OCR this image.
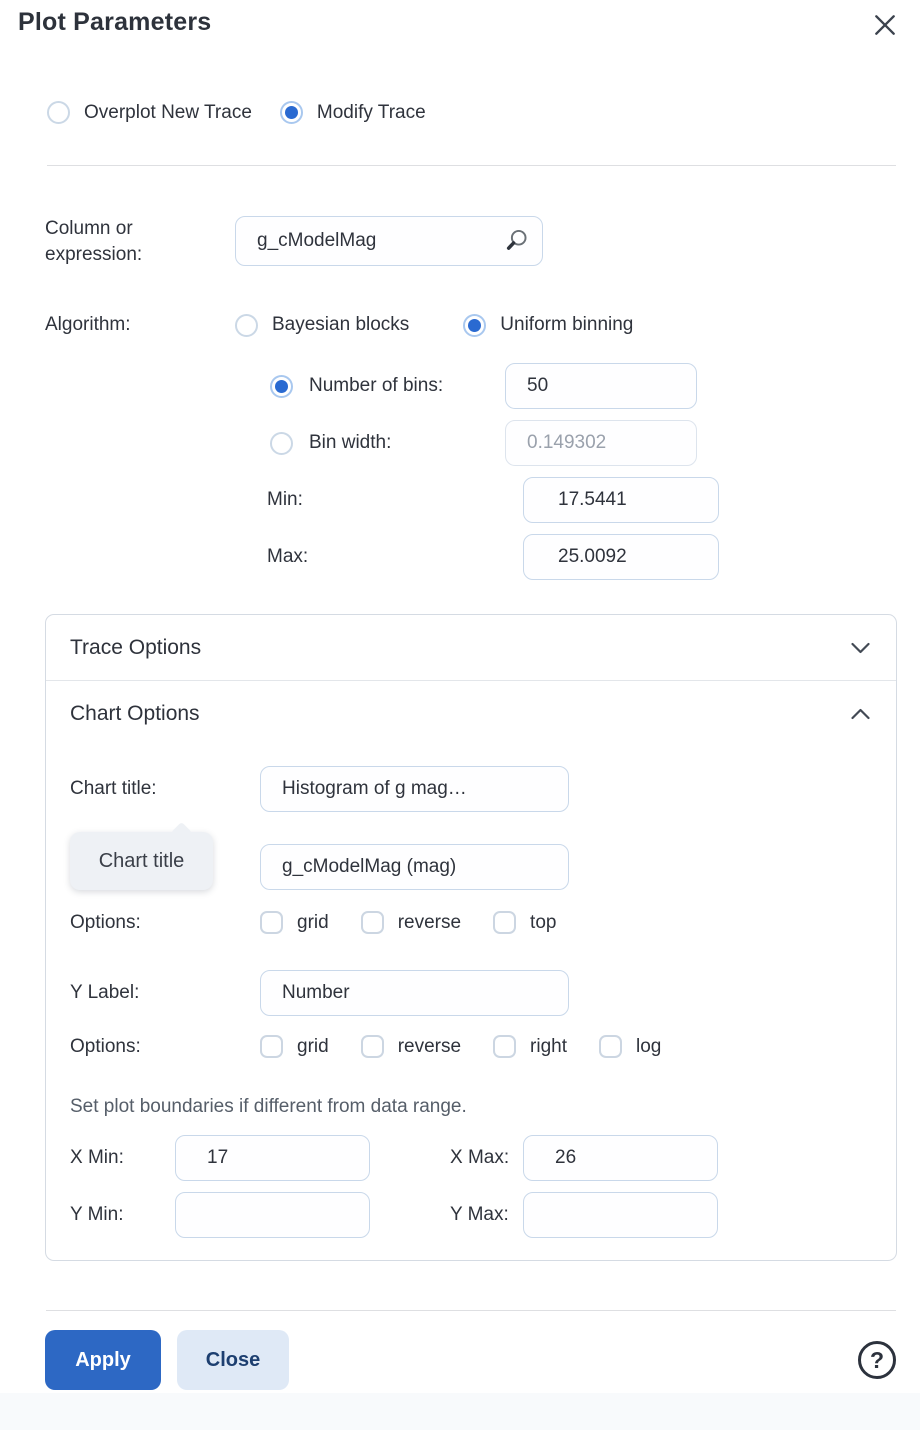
Plot Parameters
Overplot New Trace	Modify Trace
Column or expression:
g_cModelMag
Algorithm:	Bayesian blocks	Uniform binning
Number of bins:
50
Bin width:
0.149302
Min:
17.5441
Max:
25.0092
Trace Options
Chart Options
Chart title:
Histogram of g mag…
Chart title
g_cModelMag (mag)
Options:	grid	reverse	top
Y Label:
Number
Options:	grid	reverse	right	log
Set plot boundaries if different from data range.
X Min:
17	X Max:
26
Y Min:	Y Max:
Apply	Close	?
